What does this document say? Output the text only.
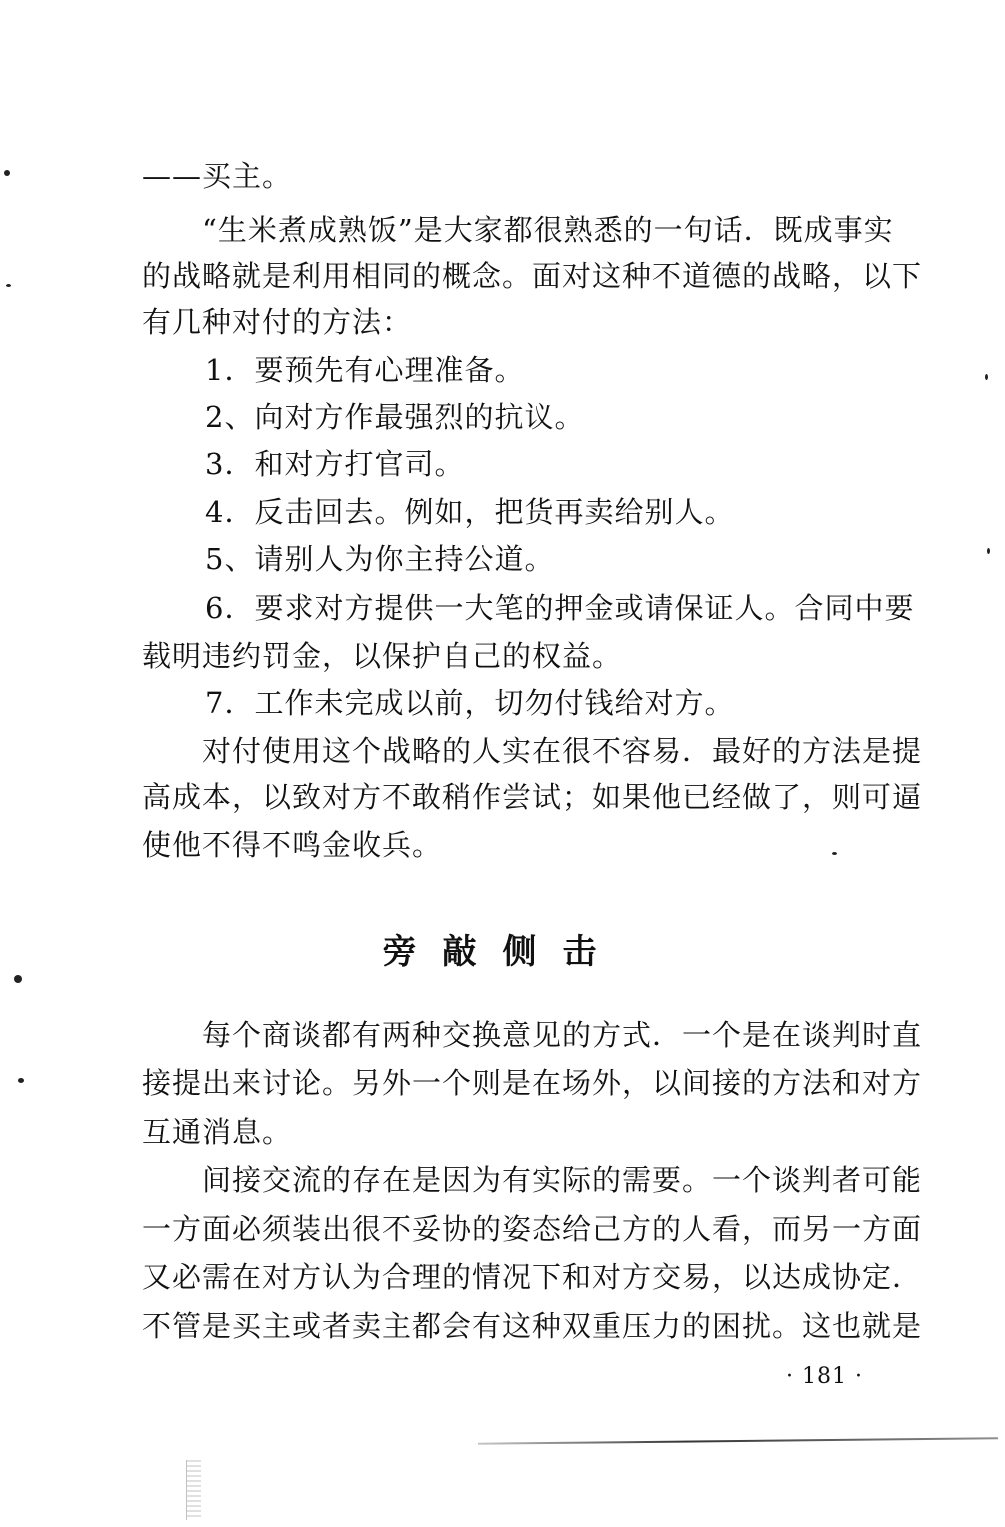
——买主。
“生米煮成熟饭”是大家都很熟悉的一句话．既成事实
的战略就是利用相同的概念。面对这种不道德的战略，以下
有几种对付的方法：
1．要预先有心理准备。
2、向对方作最强烈的抗议。
3．和对方打官司。
4．反击回去。例如，把货再卖给别人。
5、请别人为你主持公道。
6．要求对方提供一大笔的押金或请保证人。合同中要
载明违约罚金，以保护自己的权益。
7．工作未完成以前，切勿付钱给对方。
对付使用这个战略的人实在很不容易．最好的方法是提
高成本，以致对方不敢稍作尝试；如果他已经做了，则可逼
使他不得不鸣金收兵。
旁敲侧击
每个商谈都有两种交换意见的方式．一个是在谈判时直
接提出来讨论。另外一个则是在场外，以间接的方法和对方
互通消息。
间接交流的存在是因为有实际的需要。一个谈判者可能
一方面必须装出很不妥协的姿态给己方的人看，而另一方面
又必需在对方认为合理的情况下和对方交易，以达成协定．
不管是买主或者卖主都会有这种双重压力的困扰。这也就是
· 181 ·
